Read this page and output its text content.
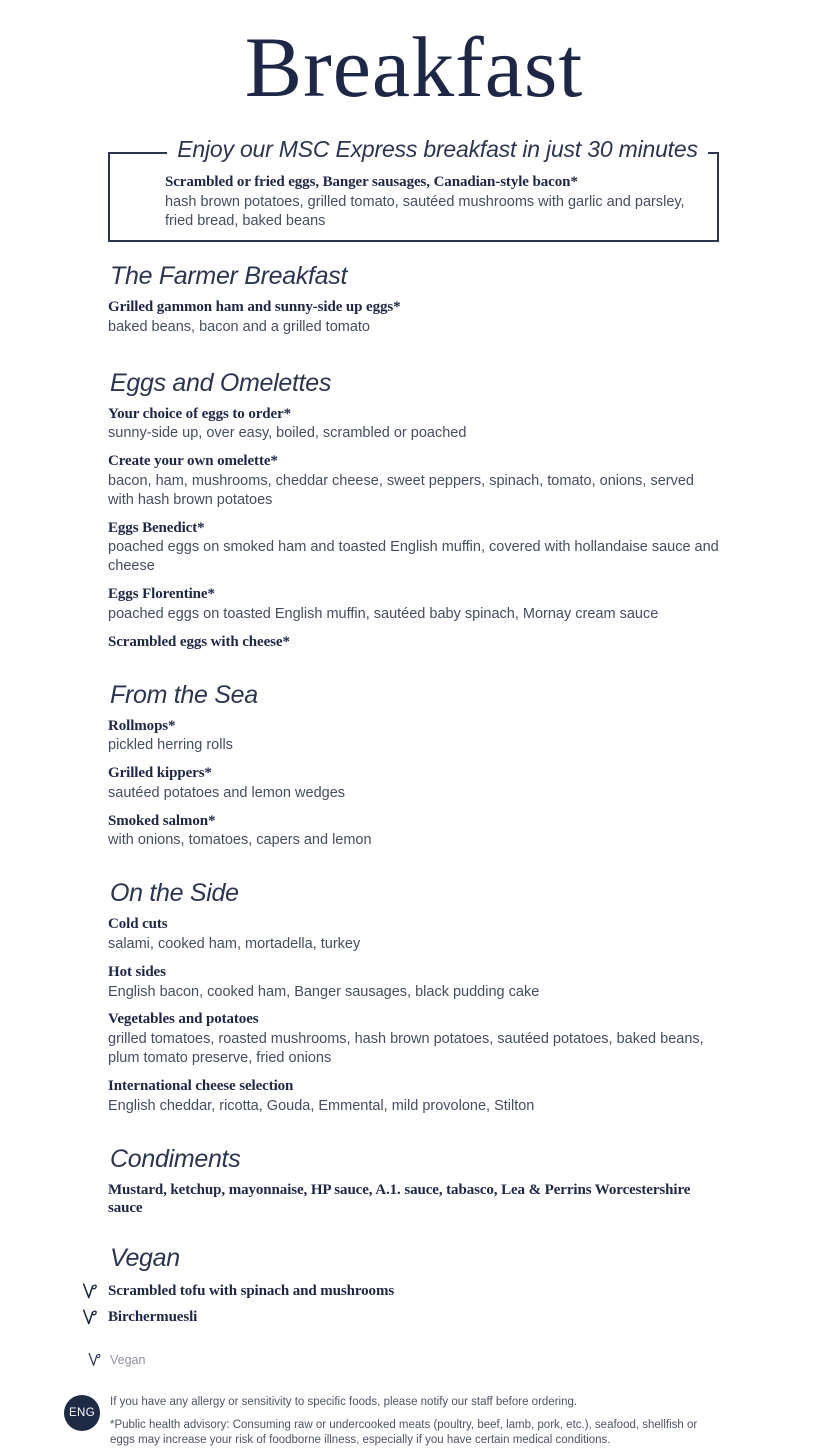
Breakfast
Enjoy our MSC Express breakfast in just 30 minutes
Scrambled or fried eggs, Banger sausages, Canadian-style bacon*
hash brown potatoes, grilled tomato, sautéed mushrooms with garlic and parsley,
fried bread, baked beans
The Farmer Breakfast
Grilled gammon ham and sunny-side up eggs*
baked beans, bacon and a grilled tomato
Eggs and Omelettes
Your choice of eggs to order*
sunny-side up, over easy, boiled, scrambled or poached
Create your own omelette*
bacon, ham, mushrooms, cheddar cheese, sweet peppers, spinach, tomato, onions, served with hash brown potatoes
Eggs Benedict*
poached eggs on smoked ham and toasted English muffin, covered with hollandaise sauce and cheese
Eggs Florentine*
poached eggs on toasted English muffin, sautéed baby spinach, Mornay cream sauce
Scrambled eggs with cheese*
From the Sea
Rollmops*
pickled herring rolls
Grilled kippers*
sautéed potatoes and lemon wedges
Smoked salmon*
with onions, tomatoes, capers and lemon
On the Side
Cold cuts
salami, cooked ham, mortadella, turkey
Hot sides
English bacon, cooked ham, Banger sausages, black pudding cake
Vegetables and potatoes
grilled tomatoes, roasted mushrooms, hash brown potatoes, sautéed potatoes, baked beans, plum tomato preserve, fried onions
International cheese selection
English cheddar, ricotta, Gouda, Emmental, mild provolone, Stilton
Condiments
Mustard, ketchup, mayonnaise, HP sauce, A.1. sauce, tabasco, Lea & Perrins Worcestershire sauce
Vegan
Scrambled tofu with spinach and mushrooms
Birchermuesli
Vegan
ENG
If you have any allergy or sensitivity to specific foods, please notify our staff before ordering.
*Public health advisory: Consuming raw or undercooked meats (poultry, beef, lamb, pork, etc.), seafood, shellfish or eggs may increase your risk of foodborne illness, especially if you have certain medical conditions.
